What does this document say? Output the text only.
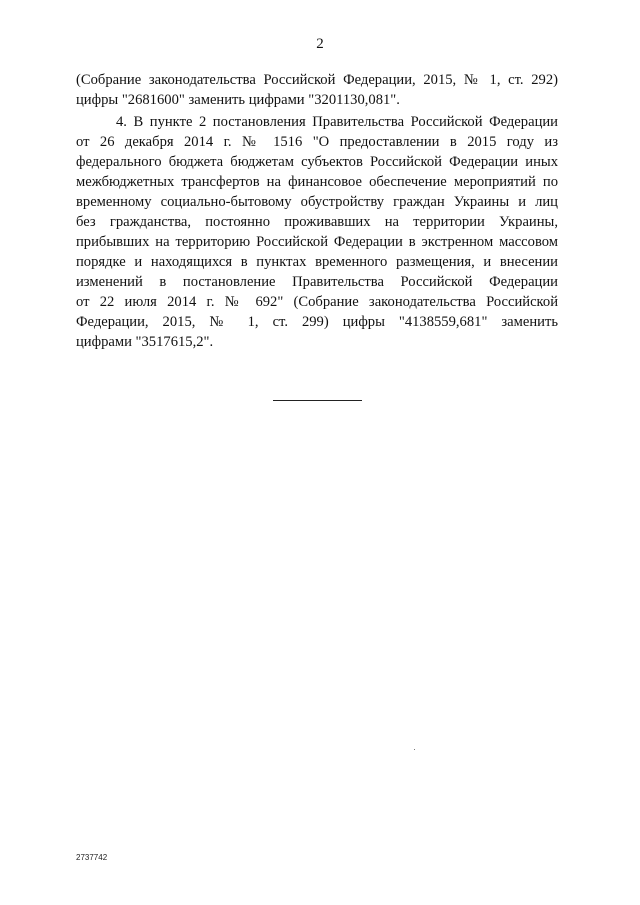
2
(Собрание законодательства Российской Федерации, 2015, № 1, ст. 292)
цифры "2681600" заменить цифрами "3201130,081".
4. В пункте 2 постановления Правительства Российской Федерации
от 26 декабря 2014 г. № 1516 "О предоставлении в 2015 году из
федерального бюджета бюджетам субъектов Российской Федерации иных
межбюджетных трансфертов на финансовое обеспечение мероприятий по
временному социально-бытовому обустройству граждан Украины и лиц
без гражданства, постоянно проживавших на территории Украины,
прибывших на территорию Российской Федерации в экстренном массовом
порядке и находящихся в пунктах временного размещения, и внесении
изменений в постановление Правительства Российской Федерации
от 22 июля 2014 г. № 692" (Собрание законодательства Российской
Федерации, 2015, № 1, ст. 299) цифры "4138559,681" заменить
цифрами "3517615,2".
2737742
